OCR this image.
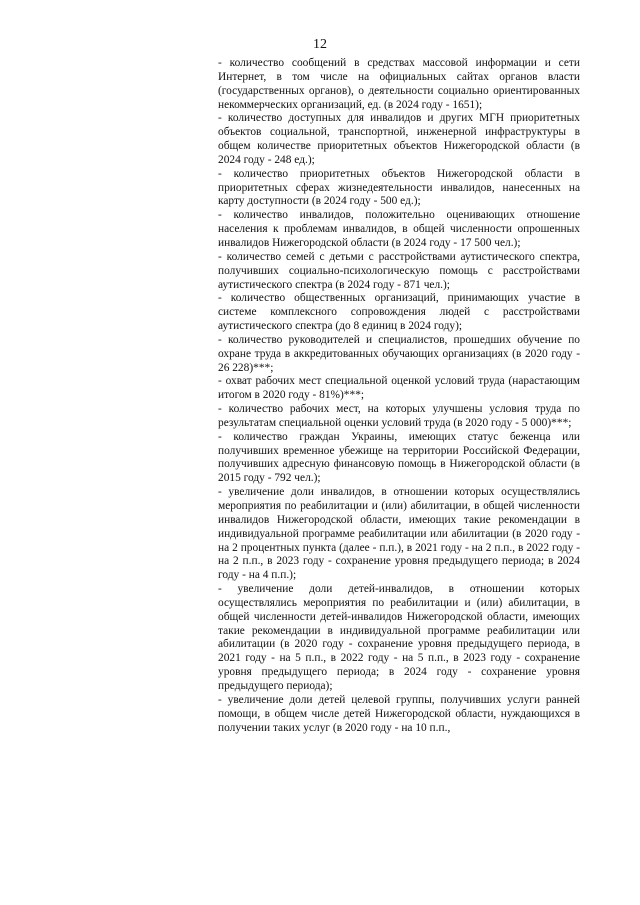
12

- количество сообщений в средствах массовой информации и сети Интернет, в том числе на официальных сайтах органов власти (государственных органов), о деятельности социально ориентированных некоммерческих организаций, ед. (в 2024 году - 1651);

- количество доступных для инвалидов и других МГН приоритетных объектов социальной, транспортной, инженерной инфраструктуры в общем количестве приоритетных объектов Нижегородской области (в 2024 году - 248 ед.);

- количество приоритетных объектов Нижегородской области в приоритетных сферах жизнедеятельности инвалидов, нанесенных на карту доступности (в 2024 году - 500 ед.);

- количество инвалидов, положительно оценивающих отношение населения к проблемам инвалидов, в общей численности опрошенных инвалидов Нижегородской области (в 2024 году - 17 500 чел.);

- количество семей с детьми с расстройствами аутистического спектра, получивших социально-психологическую помощь с расстройствами аутистического спектра (в 2024 году - 871 чел.);

- количество общественных организаций, принимающих участие в системе комплексного сопровождения людей с расстройствами аутистического спектра (до 8 единиц в 2024 году);

- количество руководителей и специалистов, прошедших обучение по охране труда в аккредитованных обучающих организациях (в 2020 году - 26 228)***;

- охват рабочих мест специальной оценкой условий труда (нарастающим итогом в 2020 году - 81%)***;

- количество рабочих мест, на которых улучшены условия труда по результатам специальной оценки условий труда (в 2020 году - 5 000)***;

- количество граждан Украины, имеющих статус беженца или получивших временное убежище на территории Российской Федерации, получивших адресную финансовую помощь в Нижегородской области (в 2015 году - 792 чел.);

- увеличение доли инвалидов, в отношении которых осуществлялись мероприятия по реабилитации и (или) абилитации, в общей численности инвалидов Нижегородской области, имеющих такие рекомендации в индивидуальной программе реабилитации или абилитации (в 2020 году - на 2 процентных пункта (далее - п.п.), в 2021 году - на 2 п.п., в 2022 году - на 2 п.п., в 2023 году - сохранение уровня предыдущего периода; в 2024 году - на 4 п.п.);

- увеличение доли детей-инвалидов, в отношении которых осуществлялись мероприятия по реабилитации и (или) абилитации, в общей численности детей-инвалидов Нижегородской области, имеющих такие рекомендации в индивидуальной программе реабилитации или абилитации (в 2020 году - сохранение уровня предыдущего периода, в 2021 году - на 5 п.п., в 2022 году - на 5 п.п., в 2023 году - сохранение уровня предыдущего периода; в 2024 году - сохранение уровня предыдущего периода);

- увеличение доли детей целевой группы, получивших услуги ранней помощи, в общем числе детей Нижегородской области, нуждающихся в получении таких услуг (в 2020 году - на 10 п.п.,
